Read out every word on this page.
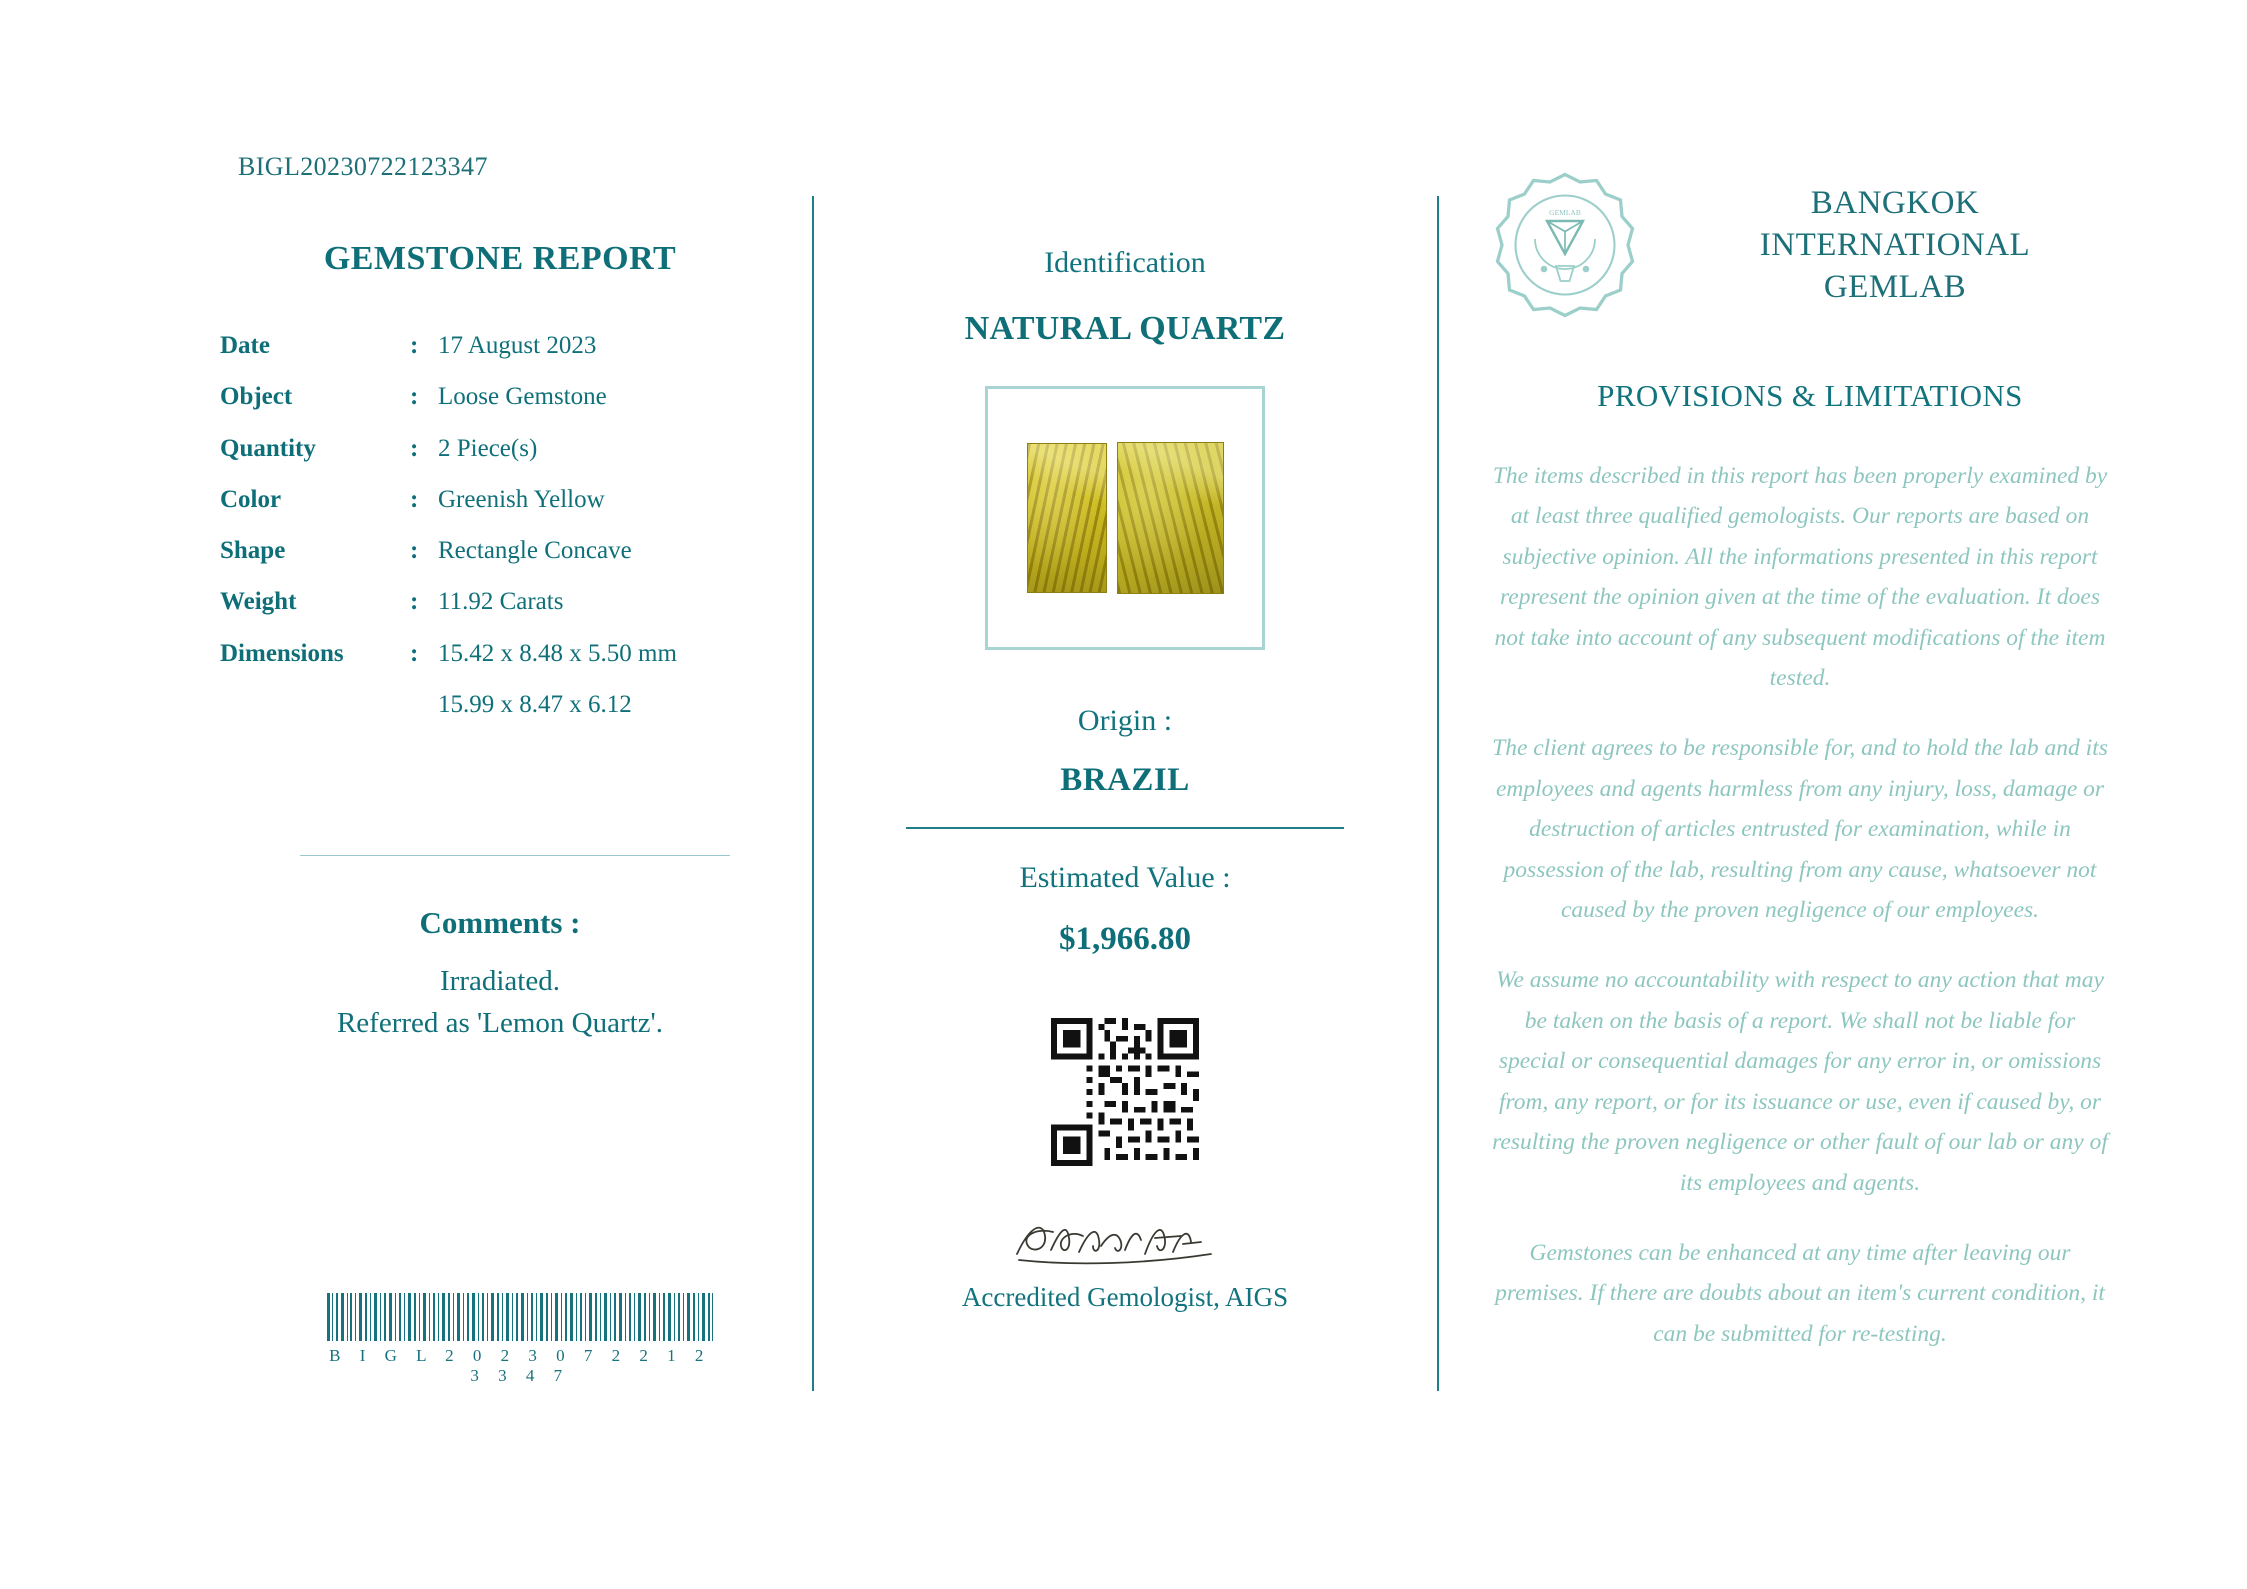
BIGL20230722123347
GEMSTONE REPORT
Date	:	17 August 2023
Object	:	Loose Gemstone
Quantity	:	2 Piece(s)
Color	:	Greenish Yellow
Shape	:	Rectangle Concave
Weight	:	11.92 Carats
Dimensions	:	15.42 x 8.48 x 5.50 mm
		15.99 x 8.47 x 6.12
Comments :
Irradiated.
Referred as 'Lemon Quartz'.
B I G L 2 0 2 3 0 7 2 2 1 2 3 3 4 7
Identification
NATURAL QUARTZ
Origin :
BRAZIL
Estimated Value :
$1,966.80
Accredited Gemologist, AIGS
GEMLAB	BANGKOK
INTERNATIONAL
GEMLAB
PROVISIONS & LIMITATIONS

The items described in this report has been properly examined by at least three qualified gemologists. Our reports are based on subjective opinion. All the informations presented in this report represent the opinion given at the time of the evaluation. It does not take into account of any subsequent modifications of the item tested.

The client agrees to be responsible for, and to hold the lab and its employees and agents harmless from any injury, loss, damage or destruction of articles entrusted for examination, while in possession of the lab, resulting from any cause, whatsoever not caused by the proven negligence of our employees.

We assume no accountability with respect to any action that may be taken on the basis of a report. We shall not be liable for special or consequential damages for any error in, or omissions from, any report, or for its issuance or use, even if caused by, or resulting the proven negligence or other fault of our lab or any of its employees and agents.

Gemstones can be enhanced at any time after leaving our premises. If there are doubts about an item's current condition, it can be submitted for re-testing.
